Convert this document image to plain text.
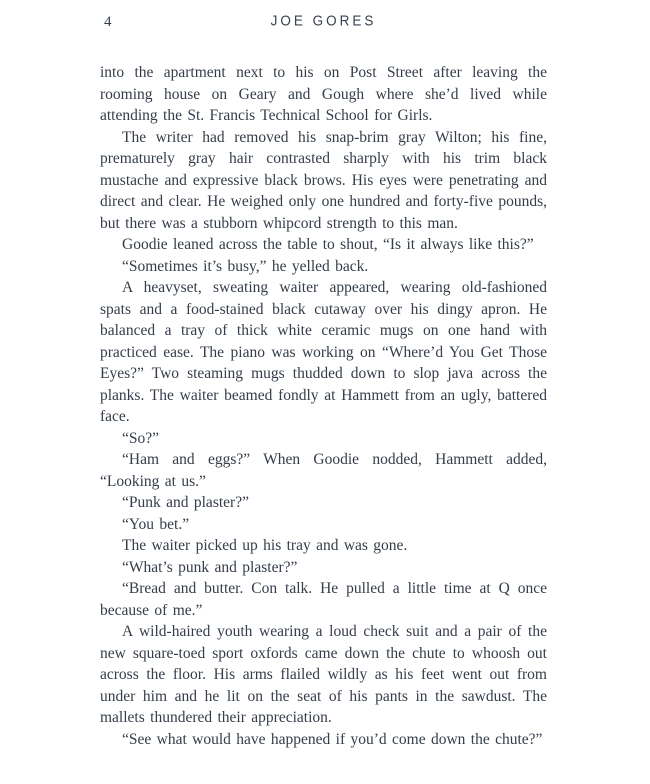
4	JOE GORES

into the apartment next to his on Post Street after leaving the rooming house on Geary and Gough where she’d lived while attending the St. Francis Technical School for Girls.

The writer had removed his snap-brim gray Wilton; his fine, prematurely gray hair contrasted sharply with his trim black mustache and expressive black brows. His eyes were penetrating and direct and clear. He weighed only one hundred and forty-five pounds, but there was a stubborn whipcord strength to this man.

Goodie leaned across the table to shout, “Is it always like this?”

“Sometimes it’s busy,” he yelled back.

A heavyset, sweating waiter appeared, wearing old-fashioned spats and a food-stained black cutaway over his dingy apron. He balanced a tray of thick white ceramic mugs on one hand with practiced ease. The piano was working on “Where’d You Get Those Eyes?” Two steaming mugs thudded down to slop java across the planks. The waiter beamed fondly at Hammett from an ugly, battered face.

“So?”

“Ham and eggs?” When Goodie nodded, Hammett added, “Looking at us.”

“Punk and plaster?”

“You bet.”

The waiter picked up his tray and was gone.

“What’s punk and plaster?”

“Bread and butter. Con talk. He pulled a little time at Q once because of me.”

A wild-haired youth wearing a loud check suit and a pair of the new square-toed sport oxfords came down the chute to whoosh out across the floor. His arms flailed wildly as his feet went out from under him and he lit on the seat of his pants in the sawdust. The mallets thundered their appreciation.

“See what would have happened if you’d come down the chute?”
